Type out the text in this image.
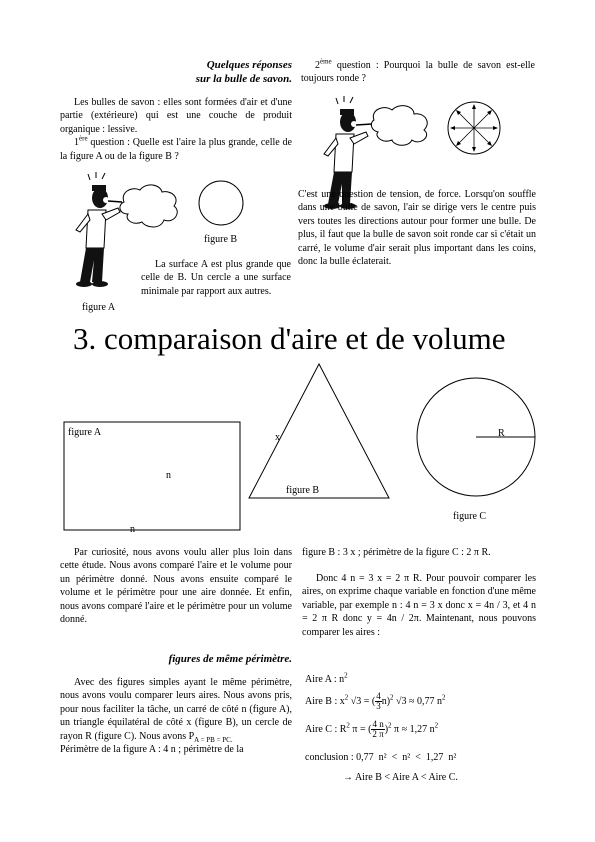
Quelques réponses
sur la bulle de savon.
Les bulles de savon : elles sont formées d'air et d'une partie (extérieure) qui est une couche de produit organique : lessive.
1ère question : Quelle est l'aire la plus grande, celle de la figure A ou de la figure B ?
figure B
La surface A est plus grande que celle de B. Un cercle a une surface minimale par rapport aux autres.
figure A
2ème question : Pourquoi la bulle de savon est-elle toujours ronde ?
C'est une question de tension, de force. Lorsqu'on souffle dans une bulle de savon, l'air se dirige vers le centre puis vers toutes les directions autour pour former une bulle. De plus, il faut que la bulle de savon soit ronde car si c'était un carré, le volume d'air serait plus important dans les coins, donc la bulle éclaterait.
3. comparaison d'aire et de volume
figure A
n
n
x
figure B
R
figure C
Par curiosité, nous avons voulu aller plus loin dans cette étude. Nous avons comparé l'aire et le volume pour un périmètre donné. Nous avons ensuite comparé le volume et le périmètre pour une aire donnée. Et enfin, nous avons comparé l'aire et le périmètre pour un volume donné.
figures de même périmètre.
Avec des figures simples ayant le même périmètre, nous avons voulu comparer leurs aires. Nous avons pris, pour nous faciliter la tâche, un carré de côté n (figure A), un triangle équilatéral de côté x (figure B), un cercle de rayon R (figure C). Nous avons $P_{A = PB = PC.}$
Périmètre de la figure A : 4 n ; périmètre de la
figure B : 3 x ; périmètre de la figure C : 2 π R.
Donc 4 n = 3 x = 2 π R. Pour pouvoir comparer les aires, on exprime chaque variable en fonction d'une même variable, par exemple n : 4 n = 3 x donc x = 4n / 3, et 4 n = 2 π R donc y = 4n / 2π. Maintenant, nous pouvons comparer les aires :
Aire A : $n^2$
Aire B : $x^2$ √3 = ( $\frac{4}{3} n)^2$ √3 ≈ 0,77 $n^2$
Aire C : $R^2$ π = ( $\frac{4 n}{2 \pi} )^2$ π ≈ 1,27 $n^2$
conclusion : 0,77  n²  <  n²  <  1,27  n²
→ Aire B < Aire A < Aire C.
